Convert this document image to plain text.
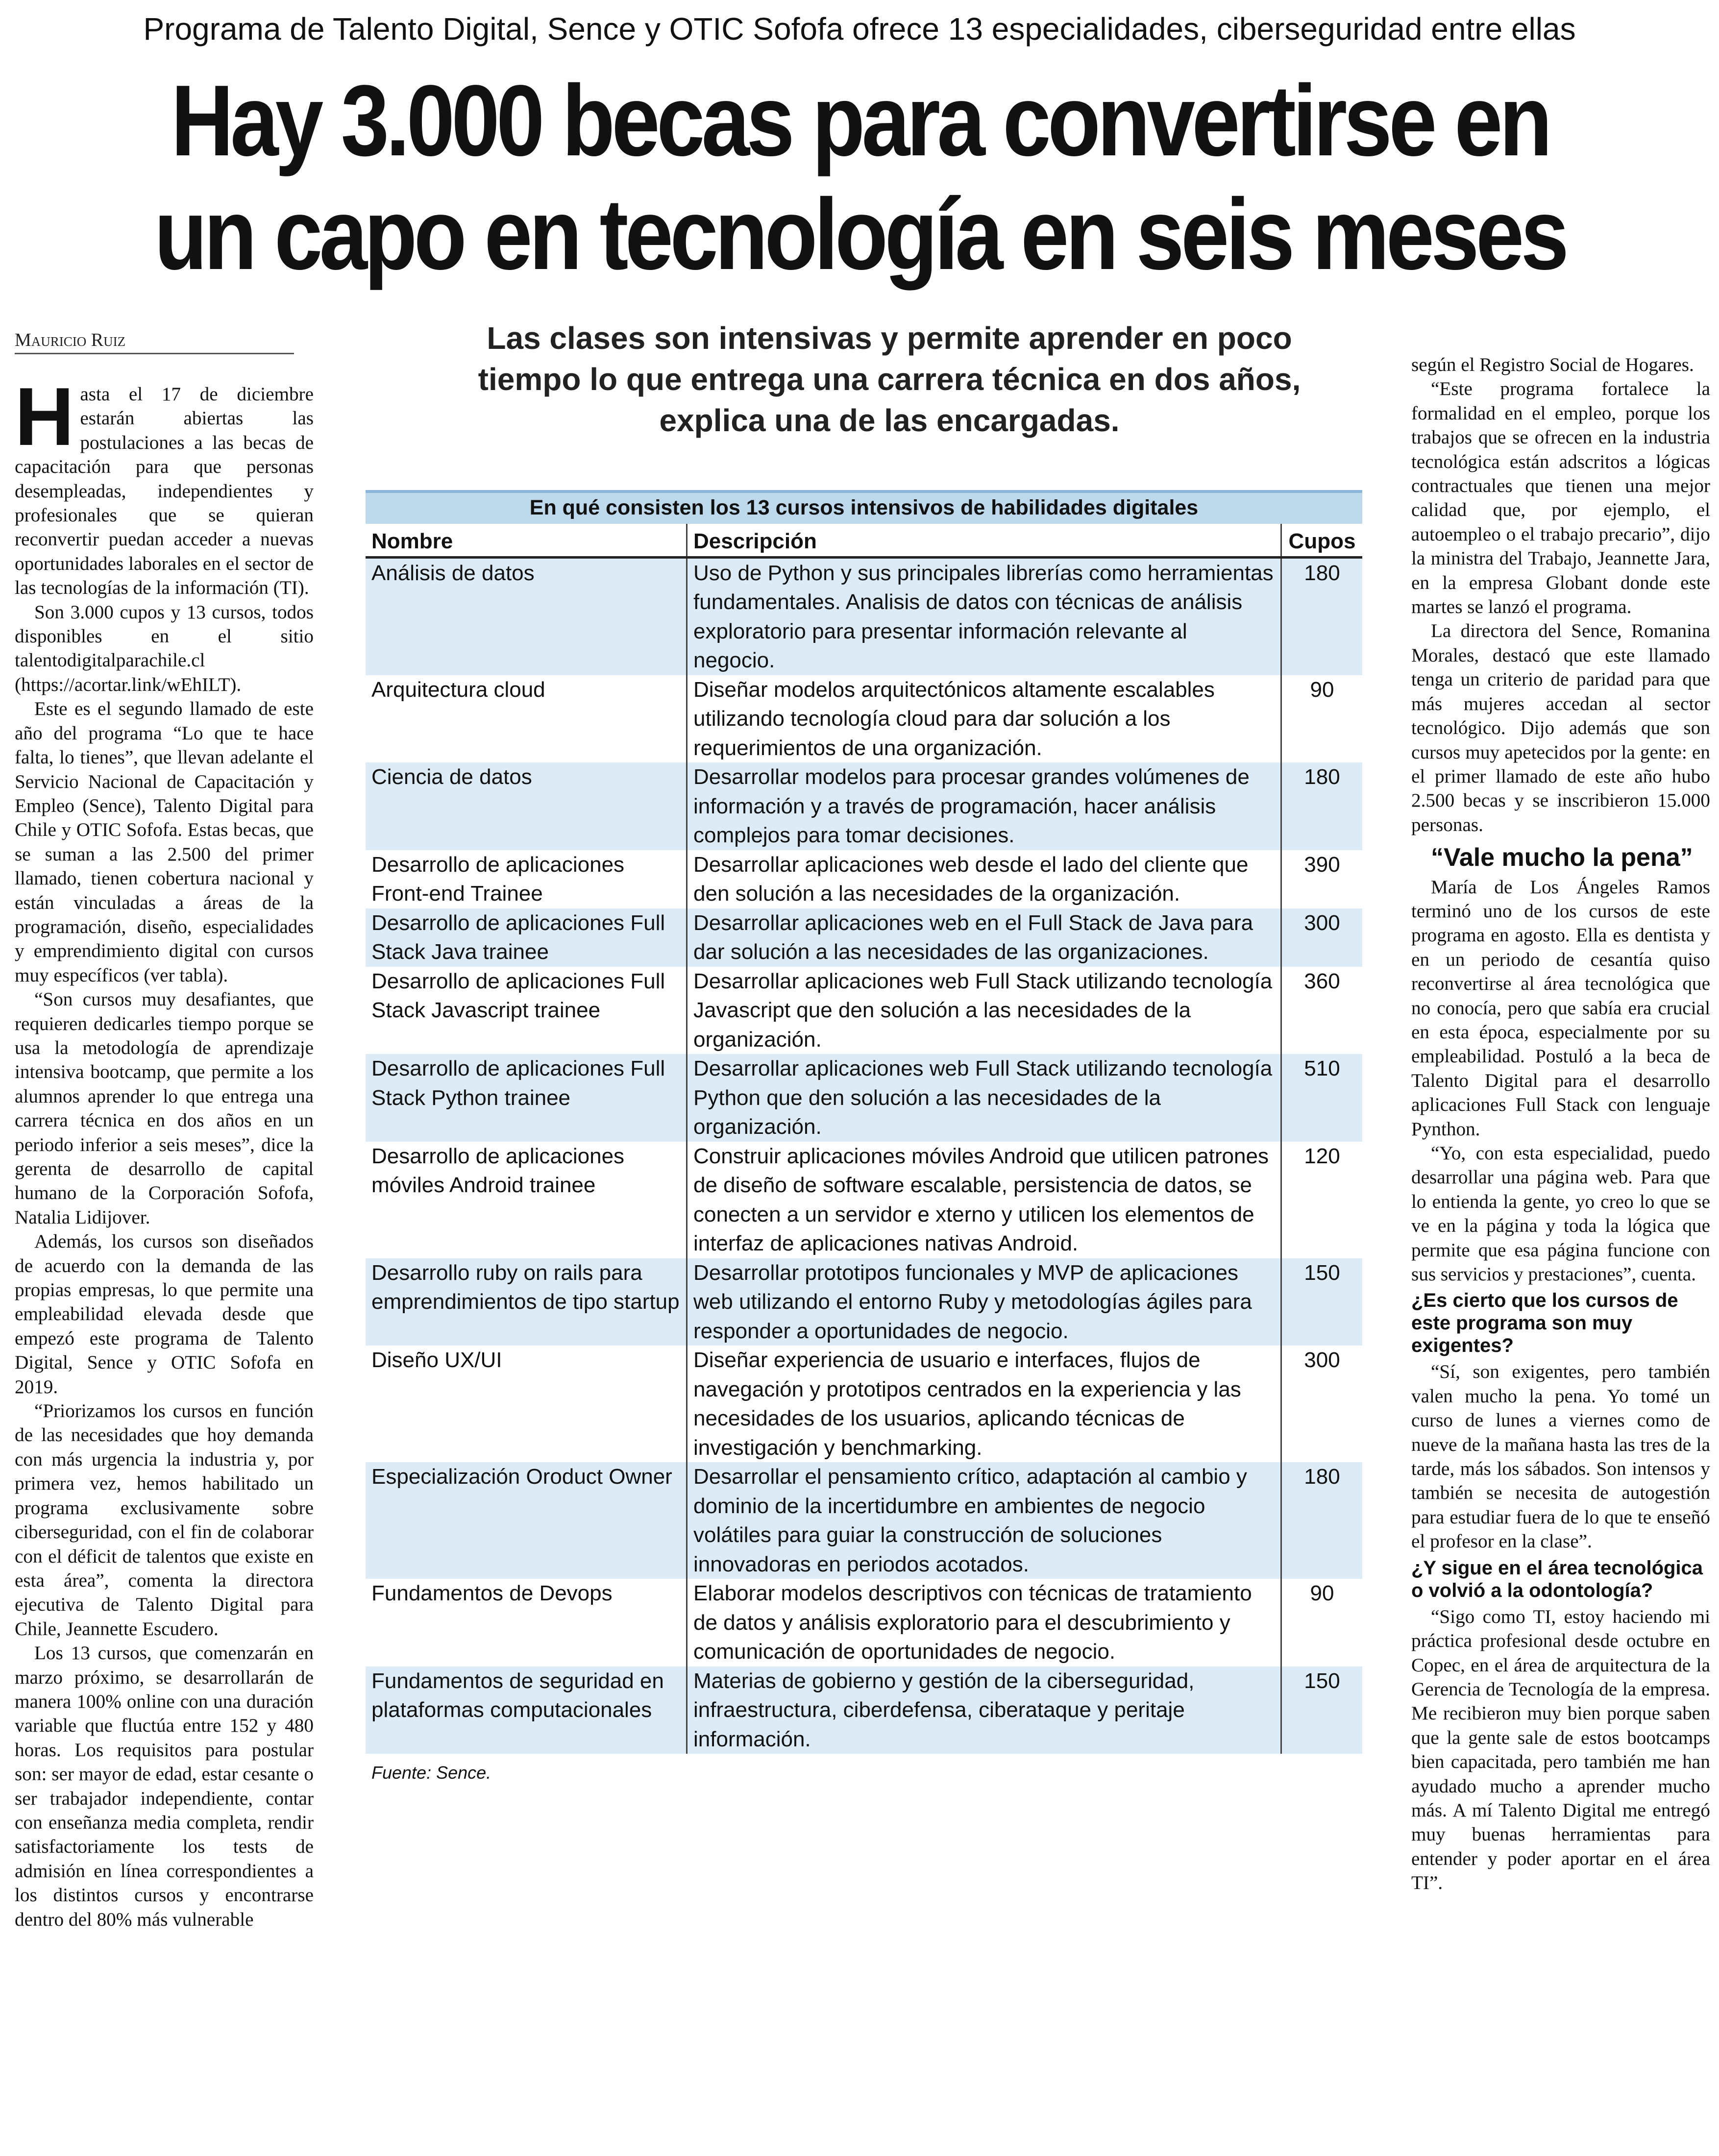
Programa de Talento Digital, Sence y OTIC Sofofa ofrece 13 especialidades, ciberseguridad entre ellas
Hay 3.000 becas para convertirse en
un capo en tecnología en seis meses
Mauricio Ruiz	Las clases son intensivas y permite aprender en poco tiempo lo que entrega una carrera técnica en dos años, explica una de las encargadas.

Hasta el 17 de diciembre estarán abiertas las postulaciones a las becas de capacitación para que personas desempleadas, independientes y profesionales que se quieran reconvertir puedan acceder a nuevas oportunidades laborales en el sector de las tecnologías de la información (TI).

Son 3.000 cupos y 13 cursos, todos disponibles en el sitio talentodigitalparachile.cl (https://acortar.link/wEhILT).

Este es el segundo llamado de este año del programa “Lo que te hace falta, lo tienes”, que llevan adelante el Servicio Nacional de Capacitación y Empleo (Sence), Talento Digital para Chile y OTIC Sofofa. Estas becas, que se suman a las 2.500 del primer llamado, tienen cobertura nacional y están vinculadas a áreas de la programación, diseño, especialidades y emprendimiento digital con cursos muy específicos (ver tabla).

“Son cursos muy desafiantes, que requieren dedicarles tiempo porque se usa la metodología de aprendizaje intensiva bootcamp, que permite a los alumnos aprender lo que entrega una carrera técnica en dos años en un periodo inferior a seis meses”, dice la gerenta de desarrollo de capital humano de la Corporación Sofofa, Natalia Lidijover.

Además, los cursos son diseñados de acuerdo con la demanda de las propias empresas, lo que permite una empleabilidad elevada desde que empezó este programa de Talento Digital, Sence y OTIC Sofofa en 2019.

“Priorizamos los cursos en función de las necesidades que hoy demanda con más urgencia la industria y, por primera vez, hemos habilitado un programa exclusivamente sobre ciberseguridad, con el fin de colaborar con el déficit de talentos que existe en esta área”, comenta la directora ejecutiva de Talento Digital para Chile, Jeannette Escudero.

Los 13 cursos, que comenzarán en marzo próximo, se desarrollarán de manera 100% online con una duración variable que fluctúa entre 152 y 480 horas. Los requisitos para postular son: ser mayor de edad, estar cesante o ser trabajador independiente, contar con enseñanza media completa, rendir satisfactoriamente los tests de admisión en línea correspondientes a los distintos cursos y encontrarse dentro del 80% más vulnerable

En qué consisten los 13 cursos intensivos de habilidades digitales
Nombre	Descripción	Cupos
Análisis de datos	Uso de Python y sus principales librerías como herramientas fundamentales. Analisis de datos con técnicas de análisis exploratorio para presentar información relevante al negocio.	180
Arquitectura cloud	Diseñar modelos arquitectónicos altamente escalables utilizando tecnología cloud para dar solución a los requerimientos de una organización.	90
Ciencia de datos	Desarrollar modelos para procesar grandes volúmenes de información y a través de programación, hacer análisis complejos para tomar decisiones.	180
Desarrollo de aplicaciones Front-end Trainee	Desarrollar aplicaciones web desde el lado del cliente que den solución a las necesidades de la organización.	390
Desarrollo de aplicaciones Full Stack Java trainee	Desarrollar aplicaciones web en el Full Stack de Java para dar solución a las necesidades de las organizaciones.	300
Desarrollo de aplicaciones Full Stack Javascript trainee	Desarrollar aplicaciones web Full Stack utilizando tecnología Javascript que den solución a las necesidades de la organización.	360
Desarrollo de aplicaciones Full Stack Python trainee	Desarrollar aplicaciones web Full Stack utilizando tecnología Python que den solución a las necesidades de la organización.	510
Desarrollo de aplicaciones móviles Android trainee	Construir aplicaciones móviles Android que utilicen patrones de diseño de software escalable, persistencia de datos, se conecten a un servidor e xterno y utilicen los elementos de interfaz de aplicaciones nativas Android.	120
Desarrollo ruby on rails para emprendimientos de tipo startup	Desarrollar prototipos funcionales y MVP de aplicaciones web utilizando el entorno Ruby y metodologías ágiles para responder a oportunidades de negocio.	150
Diseño UX/UI	Diseñar experiencia de usuario e interfaces, flujos de navegación y prototipos centrados en la experiencia y las necesidades de los usuarios, aplicando técnicas de investigación y benchmarking.	300
Especialización Oroduct Owner	Desarrollar el pensamiento crítico, adaptación al cambio y dominio de la incertidumbre en ambientes de negocio volátiles para guiar la construcción de soluciones innovadoras en periodos acotados.	180
Fundamentos de Devops	Elaborar modelos descriptivos con técnicas de tratamiento de datos y análisis exploratorio para el descubrimiento y comunicación de oportunidades de negocio.	90
Fundamentos de seguridad en plataformas computacionales	Materias de gobierno y gestión de la ciberseguridad, infraestructura, ciberdefensa, ciberataque y peritaje información.	150
Fuente: Sence.

según el Registro Social de Hogares.

“Este programa fortalece la formalidad en el empleo, porque los trabajos que se ofrecen en la industria tecnológica están adscritos a lógicas contractuales que tienen una mejor calidad que, por ejemplo, el autoempleo o el trabajo precario”, dijo la ministra del Trabajo, Jeannette Jara, en la empresa Globant donde este martes se lanzó el programa.

La directora del Sence, Romanina Morales, destacó que este llamado tenga un criterio de paridad para que más mujeres accedan al sector tecnológico. Dijo además que son cursos muy apetecidos por la gente: en el primer llamado de este año hubo 2.500 becas y se inscribieron 15.000 personas.

“Vale mucho la pena”

María de Los Ángeles Ramos terminó uno de los cursos de este programa en agosto. Ella es dentista y en un periodo de cesantía quiso reconvertirse al área tecnológica que no conocía, pero que sabía era crucial en esta época, especialmente por su empleabilidad. Postuló a la beca de Talento Digital para el desarrollo aplicaciones Full Stack con lenguaje Pynthon.

“Yo, con esta especialidad, puedo desarrollar una página web. Para que lo entienda la gente, yo creo lo que se ve en la página y toda la lógica que permite que esa página funcione con sus servicios y prestaciones”, cuenta.

¿Es cierto que los cursos de este programa son muy exigentes?

“Sí, son exigentes, pero también valen mucho la pena. Yo tomé un curso de lunes a viernes como de nueve de la mañana hasta las tres de la tarde, más los sábados. Son intensos y también se necesita de autogestión para estudiar fuera de lo que te enseñó el profesor en la clase”.

¿Y sigue en el área tecnológica o volvió a la odontología?

“Sigo como TI, estoy haciendo mi práctica profesional desde octubre en Copec, en el área de arquitectura de la Gerencia de Tecnología de la empresa. Me recibieron muy bien porque saben que la gente sale de estos bootcamps bien capacitada, pero también me han ayudado mucho a aprender mucho más. A mí Talento Digital me entregó muy buenas herramientas para entender y poder aportar en el área TI”.
